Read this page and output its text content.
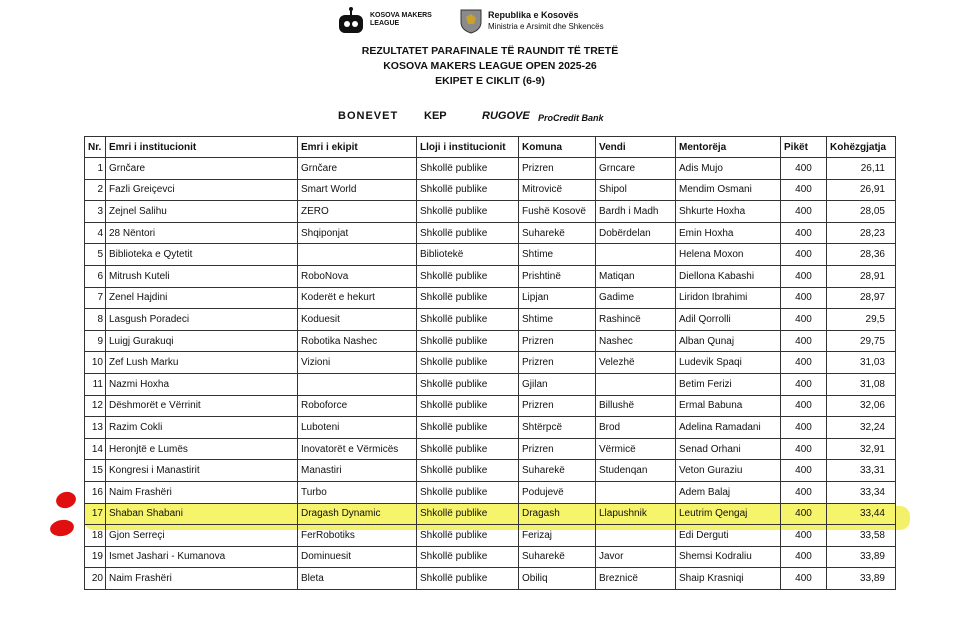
KOSOVA MAKERS LEAGUE
Republika e Kosovës
Ministria e Arsimit dhe Shkencës
REZULTATET PARAFINALE TË RAUNDIT TË TRETË
KOSOVA MAKERS LEAGUE OPEN 2025-26
EKIPET E CIKLIT (6-9)
BONEVET KEP	RUGOVE ProCredit Bank
Nr.	Emri i institucionit	Emri i ekipit	Lloji i institucionit	Komuna	Vendi	Mentorëja	Pikët	Kohëzgjatja
1	Grnčare	Grnčare	Shkollë publike	Prizren	Grncare	Adis Mujo	400	26,11
2	Fazli Greiçevci	Smart World	Shkollë publike	Mitrovicë	Shipol	Mendim Osmani	400	26,91
3	Zejnel Salihu	ZERO	Shkollë publike	Fushë Kosovë	Bardh i Madh	Shkurte Hoxha	400	28,05
4	28 Nëntori	Shqiponjat	Shkollë publike	Suharekë	Dobërdelan	Emin Hoxha	400	28,23
5	Biblioteka e Qytetit		Bibliotekë	Shtime		Helena Moxon	400	28,36
6	Mitrush Kuteli	RoboNova	Shkollë publike	Prishtinë	Matiqan	Diellona Kabashi	400	28,91
7	Zenel Hajdini	Koderët e hekurt	Shkollë publike	Lipjan	Gadime	Liridon Ibrahimi	400	28,97
8	Lasgush Poradeci	Koduesit	Shkollë publike	Shtime	Rashincë	Adil Qorrolli	400	29,5
9	Luigj Gurakuqi	Robotika Nashec	Shkollë publike	Prizren	Nashec	Alban Qunaj	400	29,75
10	Zef Lush Marku	Vizioni	Shkollë publike	Prizren	Velezhë	Ludevik Spaqi	400	31,03
11	Nazmi Hoxha		Shkollë publike	Gjilan		Betim Ferizi	400	31,08
12	Dëshmorët e Vërrinit	Roboforce	Shkollë publike	Prizren	Billushë	Ermal Babuna	400	32,06
13	Razim Cokli	Luboteni	Shkollë publike	Shtërpcë	Brod	Adelina Ramadani	400	32,24
14	Heronjtë e Lumës	Inovatorët e Vërmicës	Shkollë publike	Prizren	Vërmicë	Senad Orhani	400	32,91
15	Kongresi i Manastirit	Manastiri	Shkollë publike	Suharekë	Studenqan	Veton Guraziu	400	33,31
16	Naim Frashëri	Turbo	Shkollë publike	Podujevë		Adem Balaj	400	33,34
17	Shaban Shabani	Dragash Dynamic	Shkollë publike	Dragash	Llapushnik	Leutrim Qengaj	400	33,44
18	Gjon Serreçi	FerRobotiks	Shkollë publike	Ferizaj		Edi Derguti	400	33,58
19	Ismet Jashari - Kumanova	Dominuesit	Shkollë publike	Suharekë	Javor	Shemsi Kodraliu	400	33,89
20	Naim Frashëri	Bleta	Shkollë publike	Obiliq	Breznicë	Shaip Krasniqi	400	33,89
